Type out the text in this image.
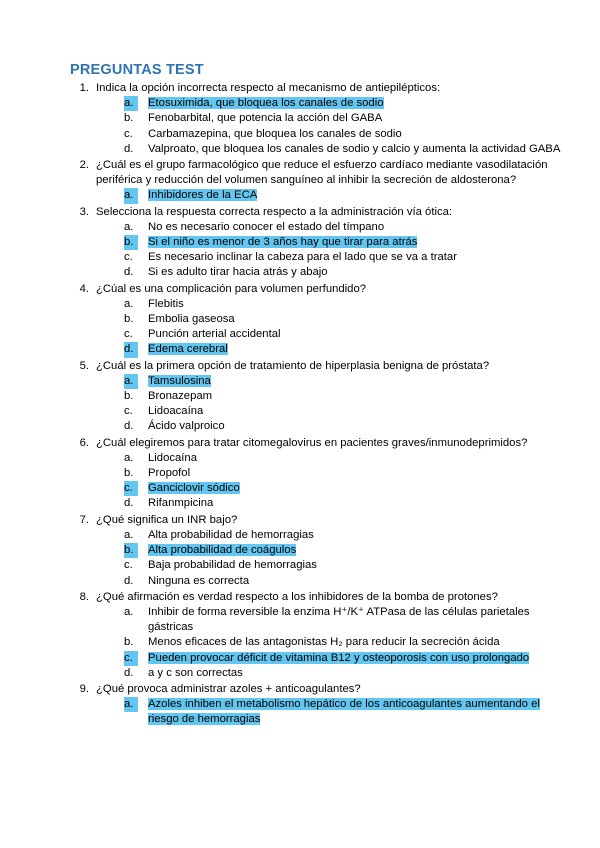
PREGUNTAS TEST
Indica la opción incorrecta respecto al mecanismo de antiepilépticos:
Etosuximida, que bloquea los canales de sodio
Fenobarbital, que potencia la acción del GABA
Carbamazepina, que bloquea los canales de sodio
Valproato, que bloquea los canales de sodio y calcio y aumenta la actividad GABA
¿Cuál es el grupo farmacológico que reduce el esfuerzo cardíaco mediante vasodilatación periférica y reducción del volumen sanguíneo al inhibir la secreción de aldosterona?
Inhibidores de la ECA
Selecciona la respuesta correcta respecto a la administración vía ótica:
No es necesario conocer el estado del tímpano
Si el niño es menor de 3 años hay que tirar para atrás
Es necesario inclinar la cabeza para el lado que se va a tratar
Si es adulto tirar hacia atrás y abajo
¿Cúal es una complicación para volumen perfundido?
Flebitis
Embolia gaseosa
Punción arterial accidental
Edema cerebral
¿Cuál es la primera opción de tratamiento de hiperplasia benigna de próstata?
Tamsulosina
Bronazepam
Lidoacaína
Ácido valproico
¿Cuál elegiremos para tratar citomegalovirus en pacientes graves/inmunodeprimidos?
Lidocaína
Propofol
Ganciclovir sódico
Rifanmpicina
¿Qué significa un INR bajo?
Alta probabilidad de hemorragias
Alta probabilidad de coágulos
Baja probabilidad de hemorragias
Ninguna es correcta
¿Qué afirmación es verdad respecto a los inhibidores de la bomba de protones?
Inhibir de forma reversible la enzima H⁺/K⁺ ATPasa de las células parietales gástricas
Menos eficaces de las antagonistas H₂ para reducir la secreción ácida
Pueden provocar déficit de vitamina B12 y osteoporosis con uso prolongado
a y c son correctas
¿Qué provoca administrar azoles + anticoagulantes?
Azoles inhiben el metabolismo hepático de los anticoagulantes aumentando el riesgo de hemorragias
